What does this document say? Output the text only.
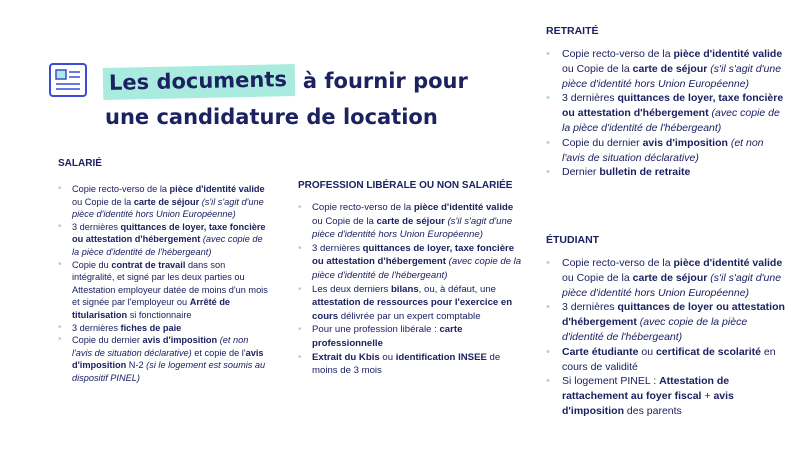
Les documents à fournir pour
une candidature de location
SALARIÉ
• Copie recto-verso de la pièce d'identité valide ou Copie de la carte de séjour (s'il s'agit d'une pièce d'identité hors Union Européenne)
• 3 dernières quittances de loyer, taxe foncière ou attestation d'hébergement (avec copie de la pièce d'identité de l'hébergeant)
• Copie du contrat de travail dans son intégralité, et signé par les deux parties ou Attestation employeur datée de moins d'un mois et signée par l'employeur ou Arrêté de titularisation si fonctionnaire
• 3 dernières fiches de paie
• Copie du dernier avis d'imposition (et non l'avis de situation déclarative) et copie de l'avis d'imposition N-2 (si le logement est soumis au dispositif PINEL)
PROFESSION LIBÉRALE OU NON SALARIÉE
• Copie recto-verso de la pièce d'identité valide ou Copie de la carte de séjour (s'il s'agit d'une pièce d'identité hors Union Européenne)
• 3 dernières quittances de loyer, taxe foncière ou attestation d'hébergement (avec copie de la pièce d'identité de l'hébergeant)
• Les deux derniers bilans, ou, à défaut, une attestation de ressources pour l'exercice en cours délivrée par un expert comptable
• Pour une profession libérale : carte professionnelle
• Extrait du Kbis ou identification INSEE de moins de 3 mois
RETRAITÉ
• Copie recto-verso de la pièce d'identité valide ou Copie de la carte de séjour (s'il s'agit d'une pièce d'identité hors Union Européenne)
• 3 dernières quittances de loyer, taxe foncière ou attestation d'hébergement (avec copie de la pièce d'identité de l'hébergeant)
• Copie du dernier avis d'imposition (et non l'avis de situation déclarative)
• Dernier bulletin de retraite
ÉTUDIANT
• Copie recto-verso de la pièce d'identité valide ou Copie de la carte de séjour (s'il s'agit d'une pièce d'identité hors Union Européenne)
• 3 dernières quittances de loyer ou attestation d'hébergement (avec copie de la pièce d'identité de l'hébergeant)
• Carte étudiante ou certificat de scolarité en cours de validité
• Si logement PINEL : Attestation de rattachement au foyer fiscal + avis d'imposition des parents
